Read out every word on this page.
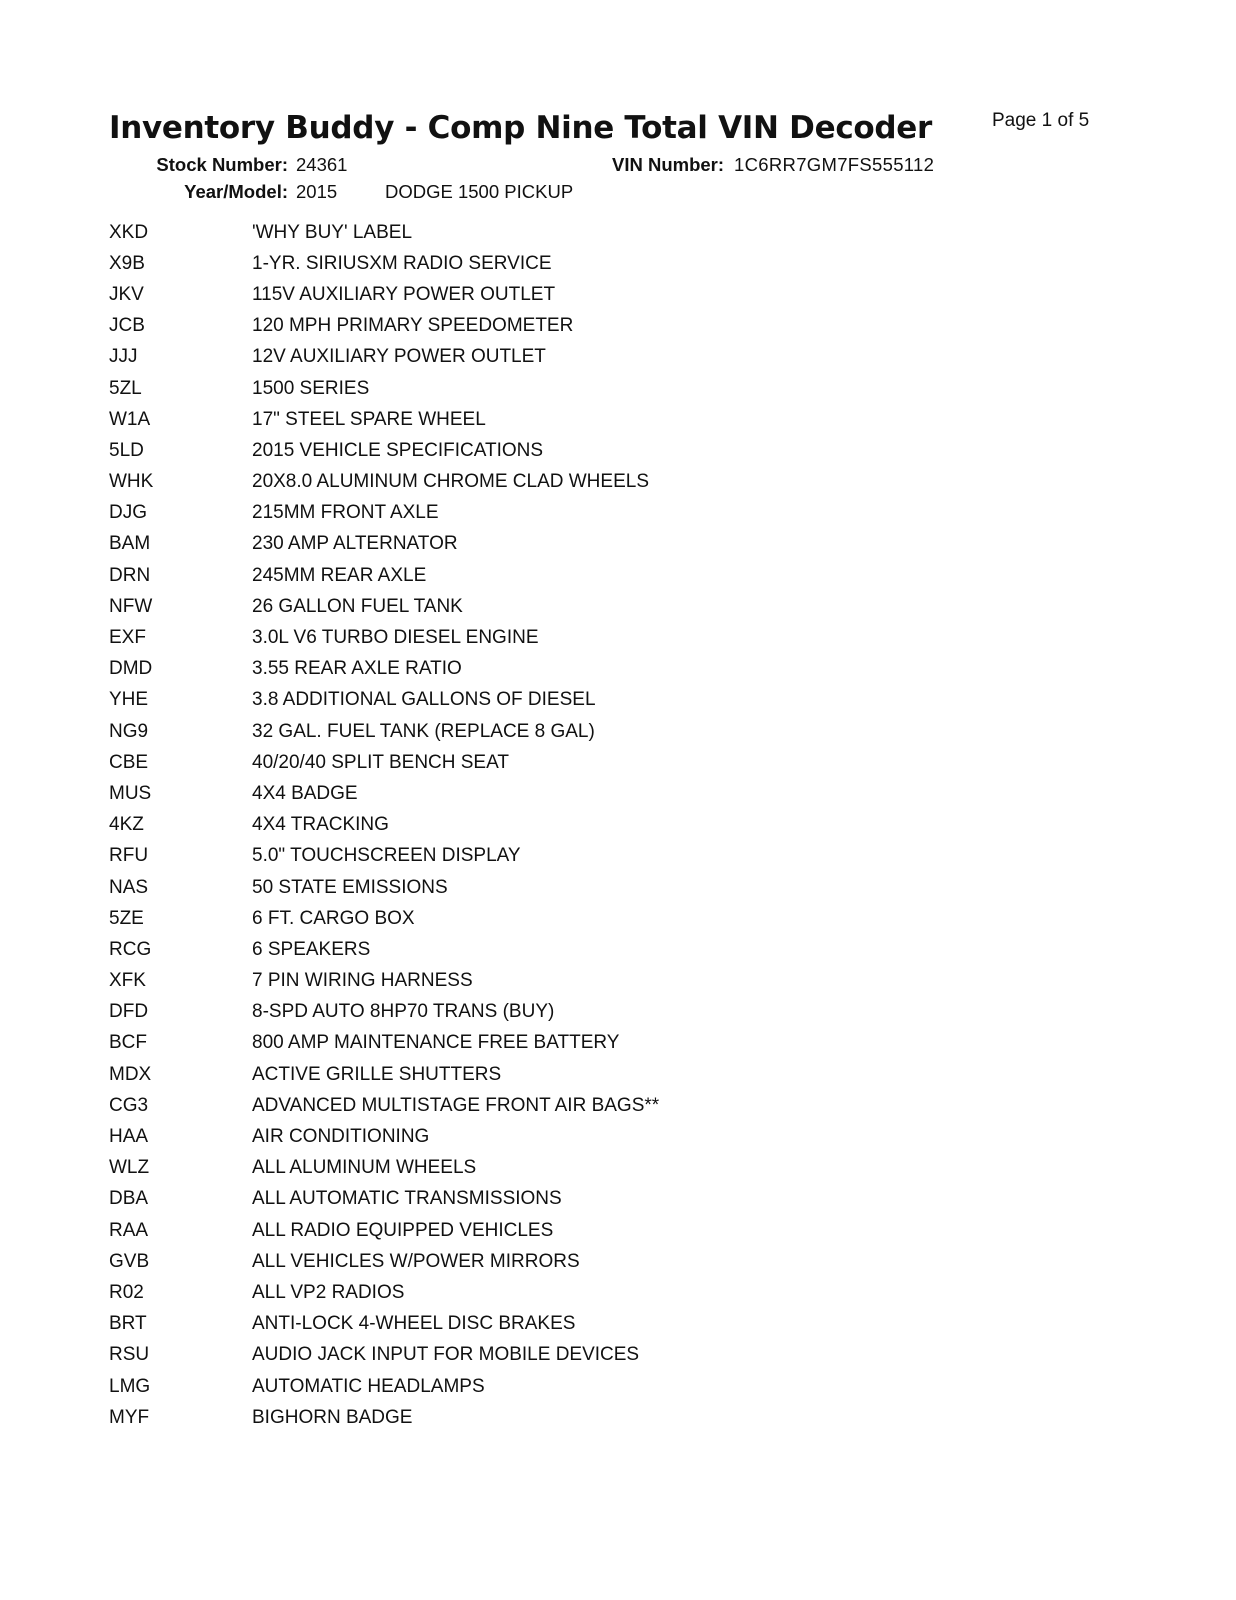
Inventory Buddy - Comp Nine Total VIN Decoder	Page 1 of 5
Stock Number: 24361
Year/Model: 2015	DODGE 1500 PICKUP
VIN Number: 1C6RR7GM7FS555112
XKD	'WHY BUY' LABEL
X9B	1-YR. SIRIUSXM RADIO SERVICE
JKV	115V AUXILIARY POWER OUTLET
JCB	120 MPH PRIMARY SPEEDOMETER
JJJ	12V AUXILIARY POWER OUTLET
5ZL	1500 SERIES
W1A	17" STEEL SPARE WHEEL
5LD	2015 VEHICLE SPECIFICATIONS
WHK	20X8.0 ALUMINUM CHROME CLAD WHEELS
DJG	215MM FRONT AXLE
BAM	230 AMP ALTERNATOR
DRN	245MM REAR AXLE
NFW	26 GALLON FUEL TANK
EXF	3.0L V6 TURBO DIESEL ENGINE
DMD	3.55 REAR AXLE RATIO
YHE	3.8 ADDITIONAL GALLONS OF DIESEL
NG9	32 GAL. FUEL TANK (REPLACE 8 GAL)
CBE	40/20/40 SPLIT BENCH SEAT
MUS	4X4 BADGE
4KZ	4X4 TRACKING
RFU	5.0" TOUCHSCREEN DISPLAY
NAS	50 STATE EMISSIONS
5ZE	6 FT. CARGO BOX
RCG	6 SPEAKERS
XFK	7 PIN WIRING HARNESS
DFD	8-SPD AUTO 8HP70 TRANS (BUY)
BCF	800 AMP MAINTENANCE FREE BATTERY
MDX	ACTIVE GRILLE SHUTTERS
CG3	ADVANCED MULTISTAGE FRONT AIR BAGS**
HAA	AIR CONDITIONING
WLZ	ALL ALUMINUM WHEELS
DBA	ALL AUTOMATIC TRANSMISSIONS
RAA	ALL RADIO EQUIPPED VEHICLES
GVB	ALL VEHICLES W/POWER MIRRORS
R02	ALL VP2 RADIOS
BRT	ANTI-LOCK 4-WHEEL DISC BRAKES
RSU	AUDIO JACK INPUT FOR MOBILE DEVICES
LMG	AUTOMATIC HEADLAMPS
MYF	BIGHORN BADGE
